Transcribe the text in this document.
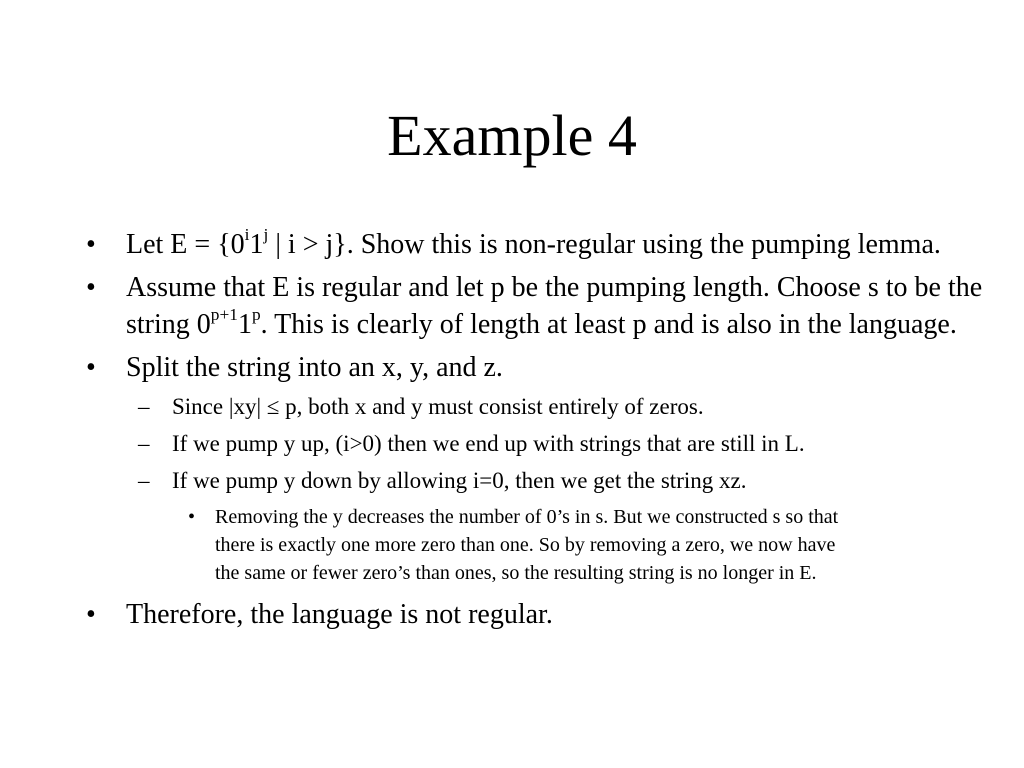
Example 4
• Let $E = \{0^i1^j$ | i > j}. Show this is non-regular using the pumping lemma.
• Assume that E is regular and let p be the pumping length. Choose s to be the string $0^{p+1}1^p$. This is clearly of length at least p and is also in the language.
• Split the string into an x, y, and z.
– Since |xy| ≤ p, both x and y must consist entirely of zeros.
– If we pump y up, (i>0) then we end up with strings that are still in L.
– If we pump y down by allowing i=0, then we get the string xz.
• Removing the y decreases the number of 0’s in s. But we constructed s so that there is exactly one more zero than one. So by removing a zero, we now have the same or fewer zero’s than ones, so the resulting string is no longer in E.
• Therefore, the language is not regular.
